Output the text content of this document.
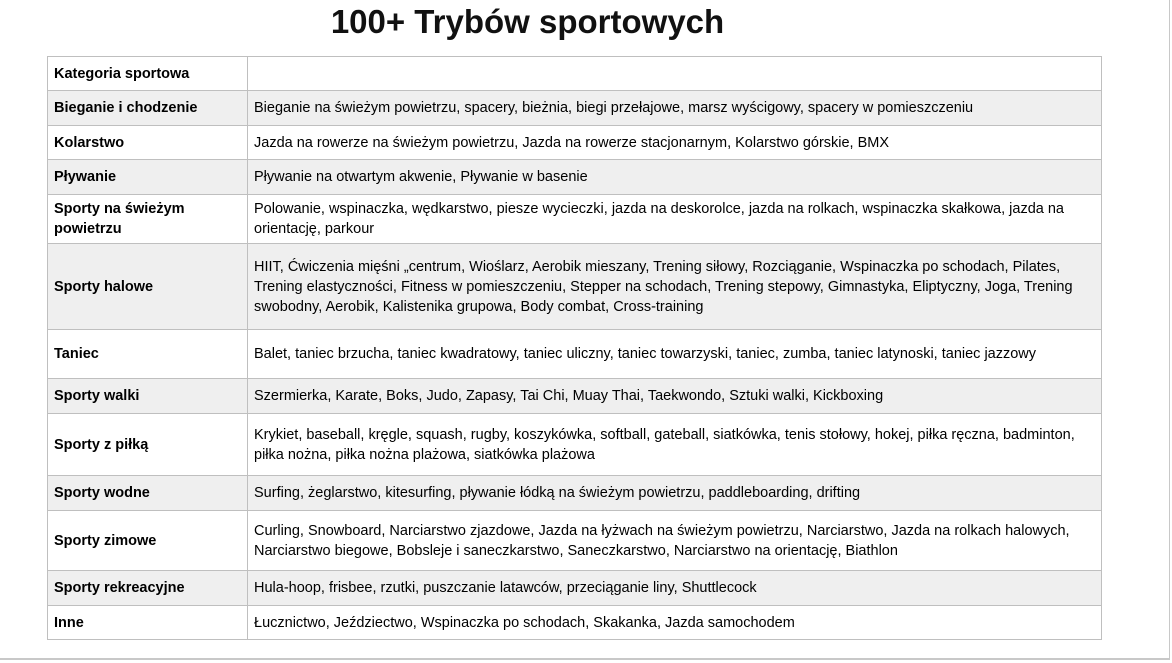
100+ Trybów sportowych
Kategoria sportowa	
Bieganie i chodzenie	Bieganie na świeżym powietrzu, spacery, bieżnia, biegi przełajowe, marsz wyścigowy, spacery w pomieszczeniu
Kolarstwo	Jazda na rowerze na świeżym powietrzu, Jazda na rowerze stacjonarnym, Kolarstwo górskie, BMX
Pływanie	Pływanie na otwartym akwenie, Pływanie w basenie
Sporty na świeżym powietrzu	Polowanie, wspinaczka, wędkarstwo, piesze wycieczki, jazda na deskorolce, jazda na rolkach, wspinaczka skałkowa, jazda na orientację, parkour
Sporty halowe	HIIT, Ćwiczenia mięśni „centrum, Wioślarz, Aerobik mieszany, Trening siłowy, Rozciąganie, Wspinaczka po schodach, Pilates, Trening elastyczności, Fitness w pomieszczeniu, Stepper na schodach, Trening stepowy, Gimnastyka, Eliptyczny, Joga, Trening swobodny, Aerobik, Kalistenika grupowa, Body combat, Cross-training
Taniec	Balet, taniec brzucha, taniec kwadratowy, taniec uliczny, taniec towarzyski, taniec, zumba, taniec latynoski, taniec jazzowy
Sporty walki	Szermierka, Karate, Boks, Judo, Zapasy, Tai Chi, Muay Thai, Taekwondo, Sztuki walki, Kickboxing
Sporty z piłką	Krykiet, baseball, kręgle, squash, rugby, koszykówka, softball, gateball, siatkówka, tenis stołowy, hokej, piłka ręczna, badminton, piłka nożna, piłka nożna plażowa, siatkówka plażowa
Sporty wodne	Surfing, żeglarstwo, kitesurfing, pływanie łódką na świeżym powietrzu, paddleboarding, drifting
Sporty zimowe	Curling, Snowboard, Narciarstwo zjazdowe, Jazda na łyżwach na świeżym powietrzu, Narciarstwo, Jazda na rolkach halowych, Narciarstwo biegowe, Bobsleje i saneczkarstwo, Saneczkarstwo, Narciarstwo na orientację, Biathlon
Sporty rekreacyjne	Hula-hoop, frisbee, rzutki, puszczanie latawców, przeciąganie liny, Shuttlecock
Inne	Łucznictwo, Jeździectwo, Wspinaczka po schodach, Skakanka, Jazda samochodem
